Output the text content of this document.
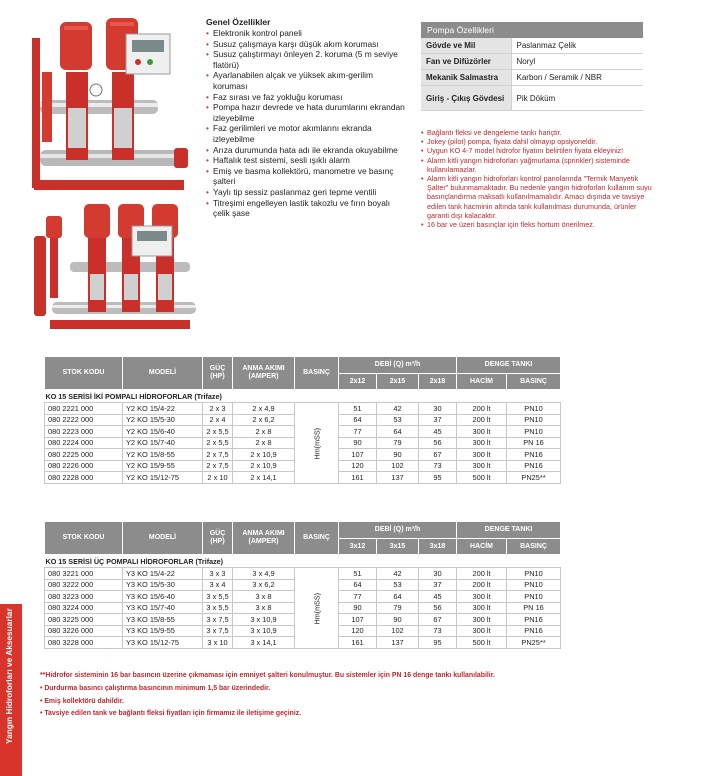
Genel Özellikler
• Elektronik kontrol paneli
• Susuz çalışmaya karşı düşük akım koruması
• Susuz çalıştırmayı önleyen 2. koruma (5 m seviye flatörü)
• Ayarlanabilen alçak ve yüksek akım-gerilim koruması
• Faz sırası ve faz yokluğu koruması
• Pompa hazır devrede ve hata durumlarını ekrandan izleyebilme
• Faz gerilimleri ve motor akımlarını ekranda izleyebilme
• Arıza durumunda hata adı ile ekranda okuyabilme
• Haftalık test sistemi, sesli ışıklı alarm
• Emiş ve basma kollektörü, manometre ve basınç şalteri
• Yaylı tip sessiz paslanmaz geri tepme ventili
• Titreşimi engelleyen lastik takozlu ve fırın boyalı çelik şase
Pompa Özellikleri	
Gövde ve Mil	Paslanmaz Çelik
Fan ve Difüzörler	Noryl
Mekanik Salmastra	Karbon / Seramik / NBR
Giriş - Çıkış Gövdesi	Pik Döküm
• Bağlantı fleksi ve dengeleme tankı hariçtir.
• Jokey (pilot) pompa, fiyata dahil olmayıp opsiyoneldir.
• Uygun KO 4-7 model hidrofor fiyatını belirtilen fiyata ekleyiniz!
• Alarm kitli yangın hidroforları yağmurlama (sprinkler) sisteminde kullanılamazlar.
• Alarm kitli yangın hidroforları kontrol panolarında "Termik Manyetik Şalter" bulunmamaktadır. Bu nedenle yangın hidroforları kullanım suyu basınçlandırma maksatlı kullanılmamalıdır. Amacı dışında ve tavsiye edilen tank hacminin altında tank kullanılması durumunda, ürünler garanti dışı kalacaktır.
• 16 bar ve üzeri basınçlar için fleks hortum önerilmez.
STOK KODU	MODELİ	GÜÇ (HP)	ANMA AKIMI (AMPER)	BASINÇ	DEBİ (Q) m³/h			DENGE TANKI	
					2x12	2x15	2x18	HACİM	BASINÇ
KO 15 SERİSİ İKİ POMPALI HİDROFORLAR (Trifaze)									
080 2221 000	Y2 KO 15/4-22	2 x 3	2 x 4,9	Hm(mSS)	51	42	30	200 lt	PN10
080 2222 000	Y2 KO 15/5-30	2 x 4	2 x 6,2		64	53	37	200 lt	PN10
080 2223 000	Y2 KO 15/6-40	2 x 5,5	2 x 8		77	64	45	300 lt	PN10
080 2224 000	Y2 KO 15/7-40	2 x 5,5	2 x 8		90	79	56	300 lt	PN 16
080 2225 000	Y2 KO 15/8-55	2 x 7,5	2 x 10,9		107	90	67	300 lt	PN16
080 2226 000	Y2 KO 15/9-55	2 x 7,5	2 x 10,9		120	102	73	300 lt	PN16
080 2228 000	Y2 KO 15/12-75	2 x 10	2 x 14,1		161	137	95	500 lt	PN25**
STOK KODU	MODELİ	GÜÇ (HP)	ANMA AKIMI (AMPER)	BASINÇ	DEBİ (Q) m³/h			DENGE TANKI	
					3x12	3x15	3x18	HACİM	BASINÇ
KO 15 SERİSİ ÜÇ POMPALI HİDROFORLAR (Trifaze)									
080 3221 000	Y3 KO 15/4-22	3 x 3	3 x 4,9	Hm(mSS)	51	42	30	200 lt	PN10
080 3222 000	Y3 KO 15/5-30	3 x 4	3 x 6,2		64	53	37	200 lt	PN10
080 3223 000	Y3 KO 15/6-40	3 x 5,5	3 x 8		77	64	45	300 lt	PN10
080 3224 000	Y3 KO 15/7-40	3 x 5,5	3 x 8		90	79	56	300 lt	PN 16
080 3225 000	Y3 KO 15/8-55	3 x 7,5	3 x 10,9		107	90	67	300 lt	PN16
080 3226 000	Y3 KO 15/9-55	3 x 7,5	3 x 10,9		120	102	73	300 lt	PN16
080 3228 000	Y3 KO 15/12-75	3 x 10	3 x 14,1		161	137	95	500 lt	PN25**
**Hidrofor sisteminin 16 bar basıncın üzerine çıkmaması için emniyet şalteri konulmuştur. Bu sistemler için PN 16 denge tankı kullanılabilir.
• Durdurma basıncı çalıştırma basıncının minimum 1,5 bar üzerindedir.
• Emiş kollektörü dahildir.
• Tavsiye edilen tank ve bağlantı fleksi fiyatları için firmamız ile iletişime geçiniz.
Yangın Hidroforları ve Aksesuarlar
